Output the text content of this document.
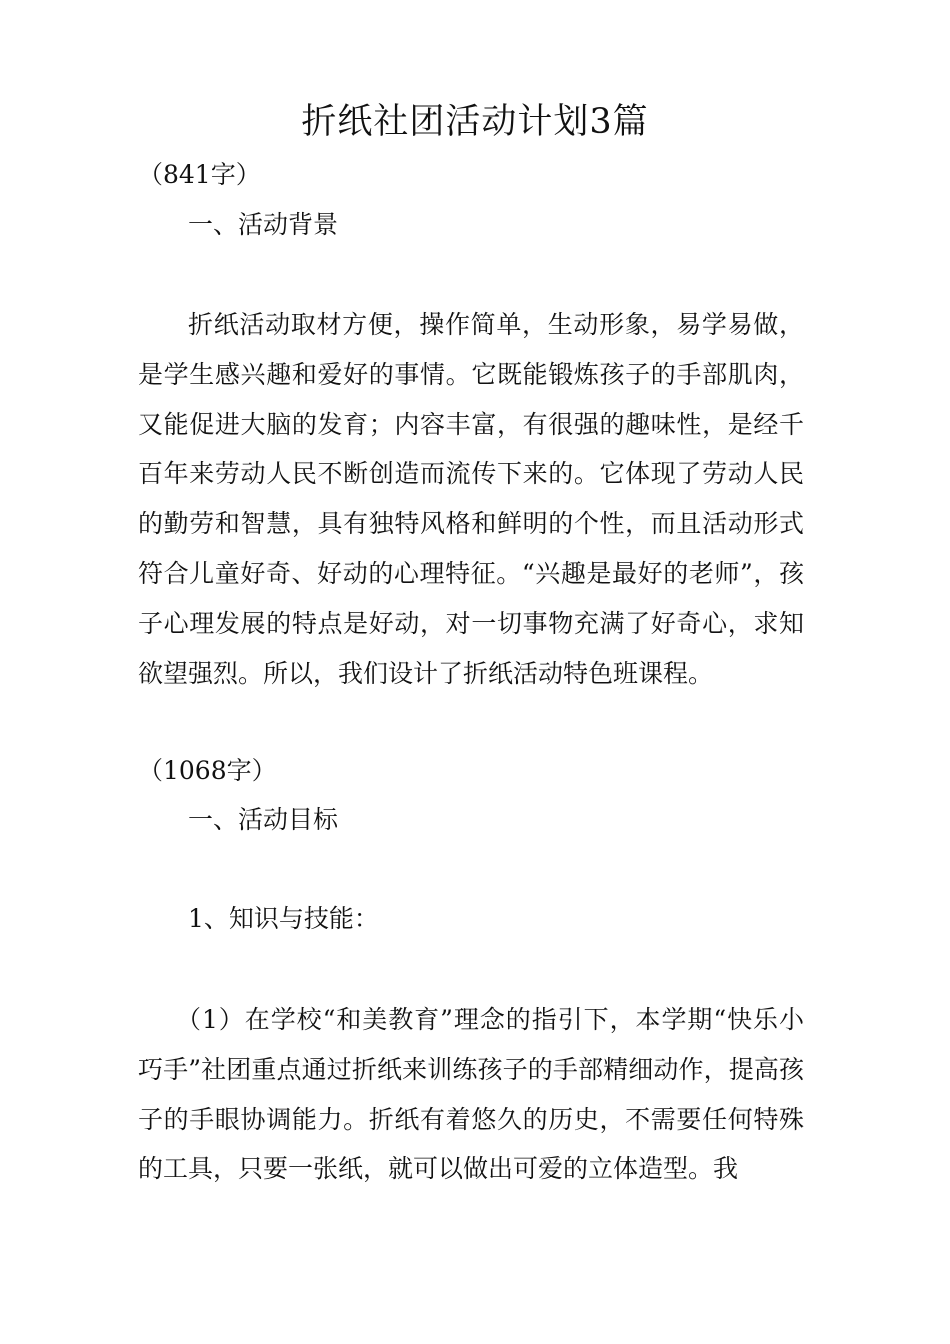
折纸社团活动计划3篇
（841字）
一、活动背景

折纸活动取材方便，操作简单，生动形象，易学易做，是学生感兴趣和爱好的事情。它既能锻炼孩子的手部肌肉，又能促进大脑的发育；内容丰富，有很强的趣味性，是经千百年来劳动人民不断创造而流传下来的。它体现了劳动人民的勤劳和智慧，具有独特风格和鲜明的个性，而且活动形式符合儿童好奇、好动的心理特征。“兴趣是最好的老师”，孩子心理发展的特点是好动，对一切事物充满了好奇心，求知欲望强烈。所以，我们设计了折纸活动特色班课程。

（1068字）
一、活动目标
1、知识与技能：

（1）在学校“和美教育”理念的指引下，本学期“快乐小巧手”社团重点通过折纸来训练孩子的手部精细动作，提高孩子的手眼协调能力。折纸有着悠久的历史，不需要任何特殊的工具，只要一张纸，就可以做出可爱的立体造型。我
